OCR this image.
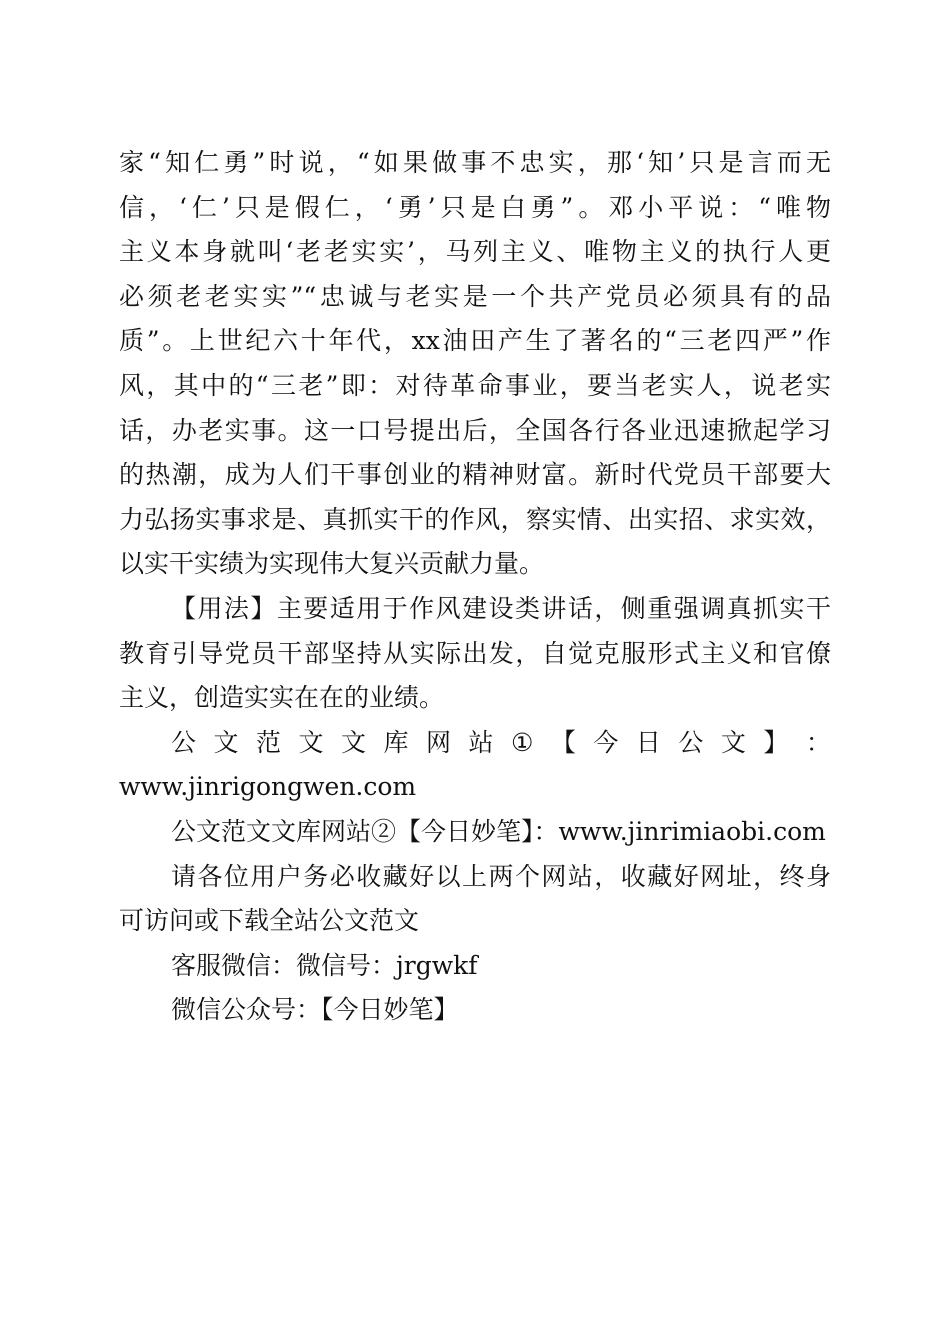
家“知仁勇”时说，“如果做事不忠实，那‘知’只是言而无
信，‘仁’只是假仁，‘勇’只是白勇”。邓小平说：“唯物
主义本身就叫‘老老实实’，马列主义、唯物主义的执行人更
必须老老实实”“忠诚与老实是一个共产党员必须具有的品
质”。上世纪六十年代，xx油田产生了著名的“三老四严”作
风，其中的“三老”即：对待革命事业，要当老实人，说老实
话，办老实事。这一口号提出后，全国各行各业迅速掀起学习
的热潮，成为人们干事创业的精神财富。新时代党员干部要大
力弘扬实事求是、真抓实干的作风，察实情、出实招、求实效，
以实干实绩为实现伟大复兴贡献力量。
【用法】主要适用于作风建设类讲话，侧重强调真抓实干
教育引导党员干部坚持从实际出发，自觉克服形式主义和官僚
主义，创造实实在在的业绩。
公 文 范 文 文 库 网 站 ① 【 今 日 公 文 】 ：
www.jinrigongwen.com
公文范文文库网站②【今日妙笔】：www.jinrimiaobi.com
请各位用户务必收藏好以上两个网站，收藏好网址，终身
可访问或下载全站公文范文
客服微信：微信号：jrgwkf
微信公众号：【今日妙笔】
